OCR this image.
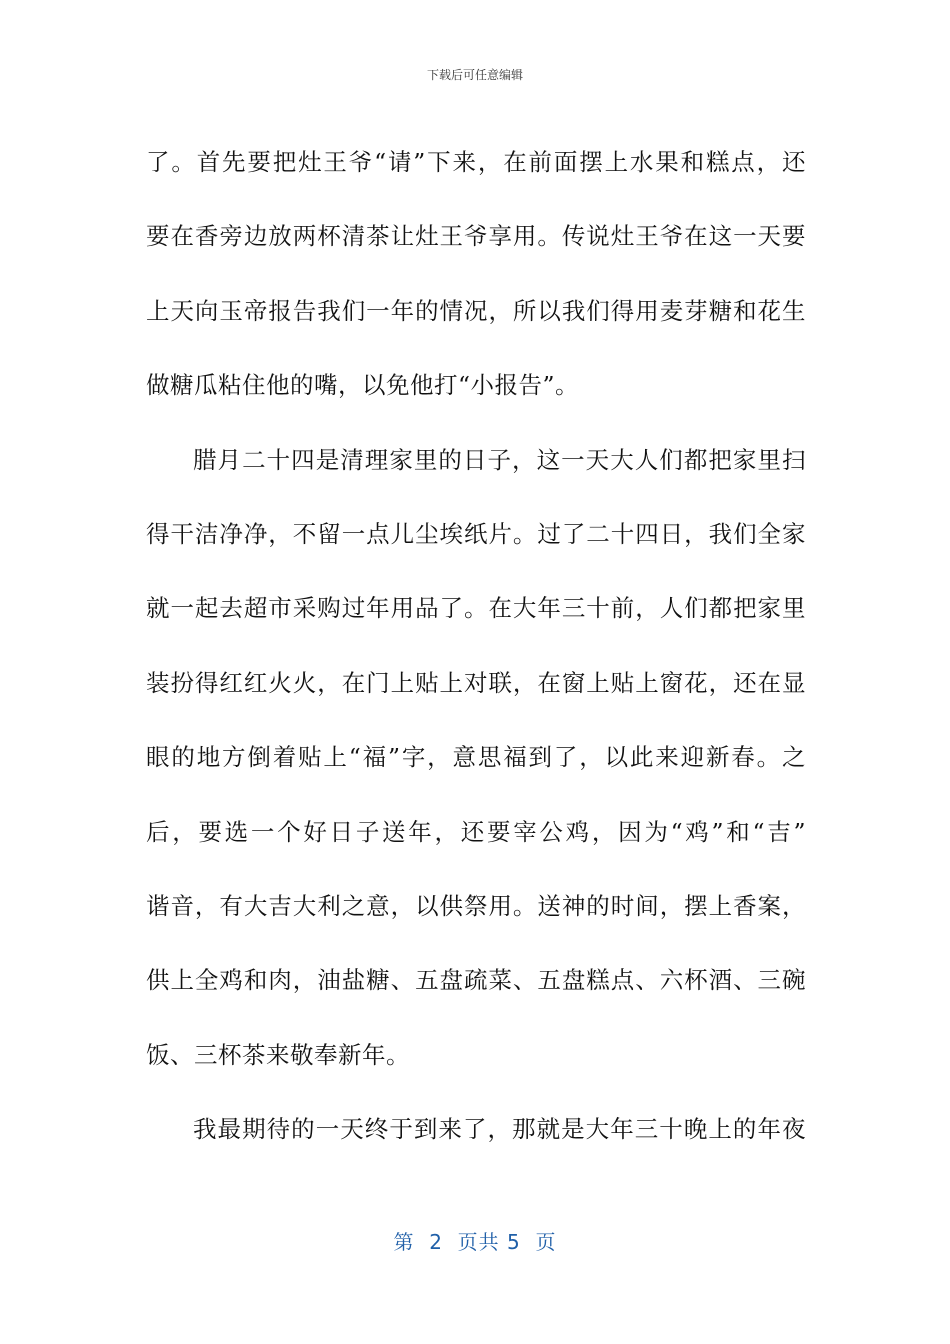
下载后可任意编辑
了。首先要把灶王爷“请”下来，在前面摆上水果和糕点，还
要在香旁边放两杯清茶让灶王爷享用。传说灶王爷在这一天要
上天向玉帝报告我们一年的情况，所以我们得用麦芽糖和花生
做糖瓜粘住他的嘴，以免他打“小报告”。
腊月二十四是清理家里的日子，这一天大人们都把家里扫
得干洁净净，不留一点儿尘埃纸片。过了二十四日，我们全家
就一起去超市采购过年用品了。在大年三十前，人们都把家里
装扮得红红火火，在门上贴上对联，在窗上贴上窗花，还在显
眼的地方倒着贴上“福”字，意思福到了，以此来迎新春。之
后，要选一个好日子送年，还要宰公鸡，因为“鸡”和“吉”
谐音，有大吉大利之意，以供祭用。送神的时间，摆上香案，
供上全鸡和肉，油盐糖、五盘疏菜、五盘糕点、六杯酒、三碗
饭、三杯茶来敬奉新年。
我最期待的一天终于到来了，那就是大年三十晚上的年夜
第  2  页共 5  页
